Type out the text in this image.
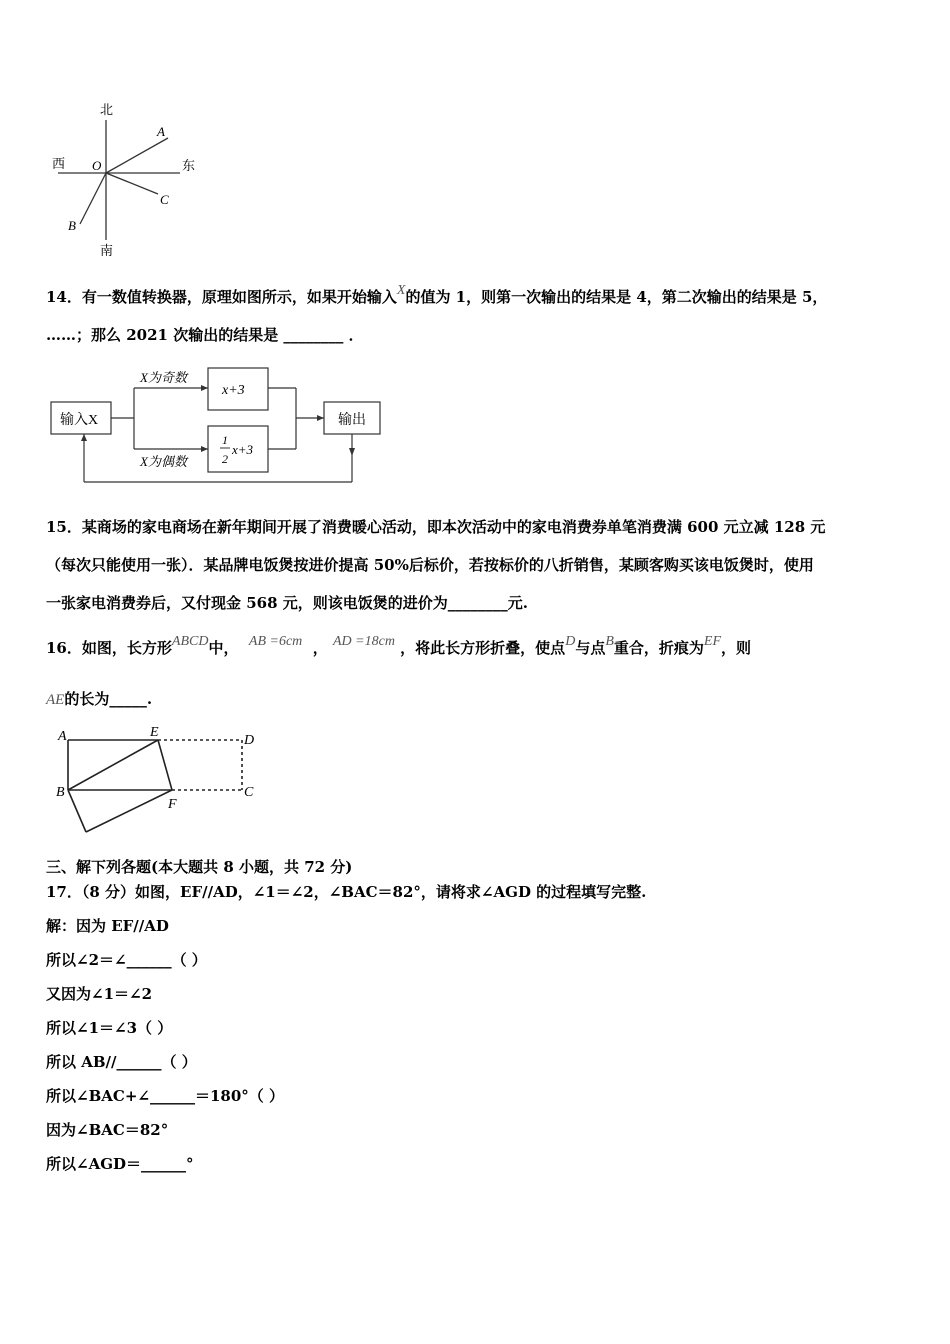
北
南
西	东
O
A
C
B
14．有一数值转换器，原理如图所示，如果开始输入X的值为 1，则第一次输出的结果是 4，第二次输出的结果是 5，
……；那么 2021 次输出的结果是 ________ ．
输入X
X为奇数
X为偶数
x+3
1
2
x+3
输出
15．某商场的家电商场在新年期间开展了消费暖心活动，即本次活动中的家电消费券单笔消费满 600 元立减 128 元
（每次只能使用一张）．某品牌电饭煲按进价提高 50%后标价，若按标价的八折销售，某顾客购买该电饭煲时，使用
一张家电消费券后，又付现金 568 元，则该电饭煲的进价为________元.
16．如图，长方形ABCD中， AB =6cm ， AD =18cm ，将此长方形折叠，使点D与点B重合，折痕为EF，则
AE的长为_____.
A	E
D
B
F
C
三、解下列各题(本大题共 8 小题，共 72 分)
17．（8 分）如图，EF//AD，∠1＝∠2，∠BAC＝82°，请将求∠AGD 的过程填写完整.
解：因为 EF//AD
所以∠2＝∠______（ ）
又因为∠1＝∠2
所以∠1＝∠3（ ）
所以 AB//______（ ）
所以∠BAC+∠______＝180°（ ）
因为∠BAC＝82°
所以∠AGD＝______°
